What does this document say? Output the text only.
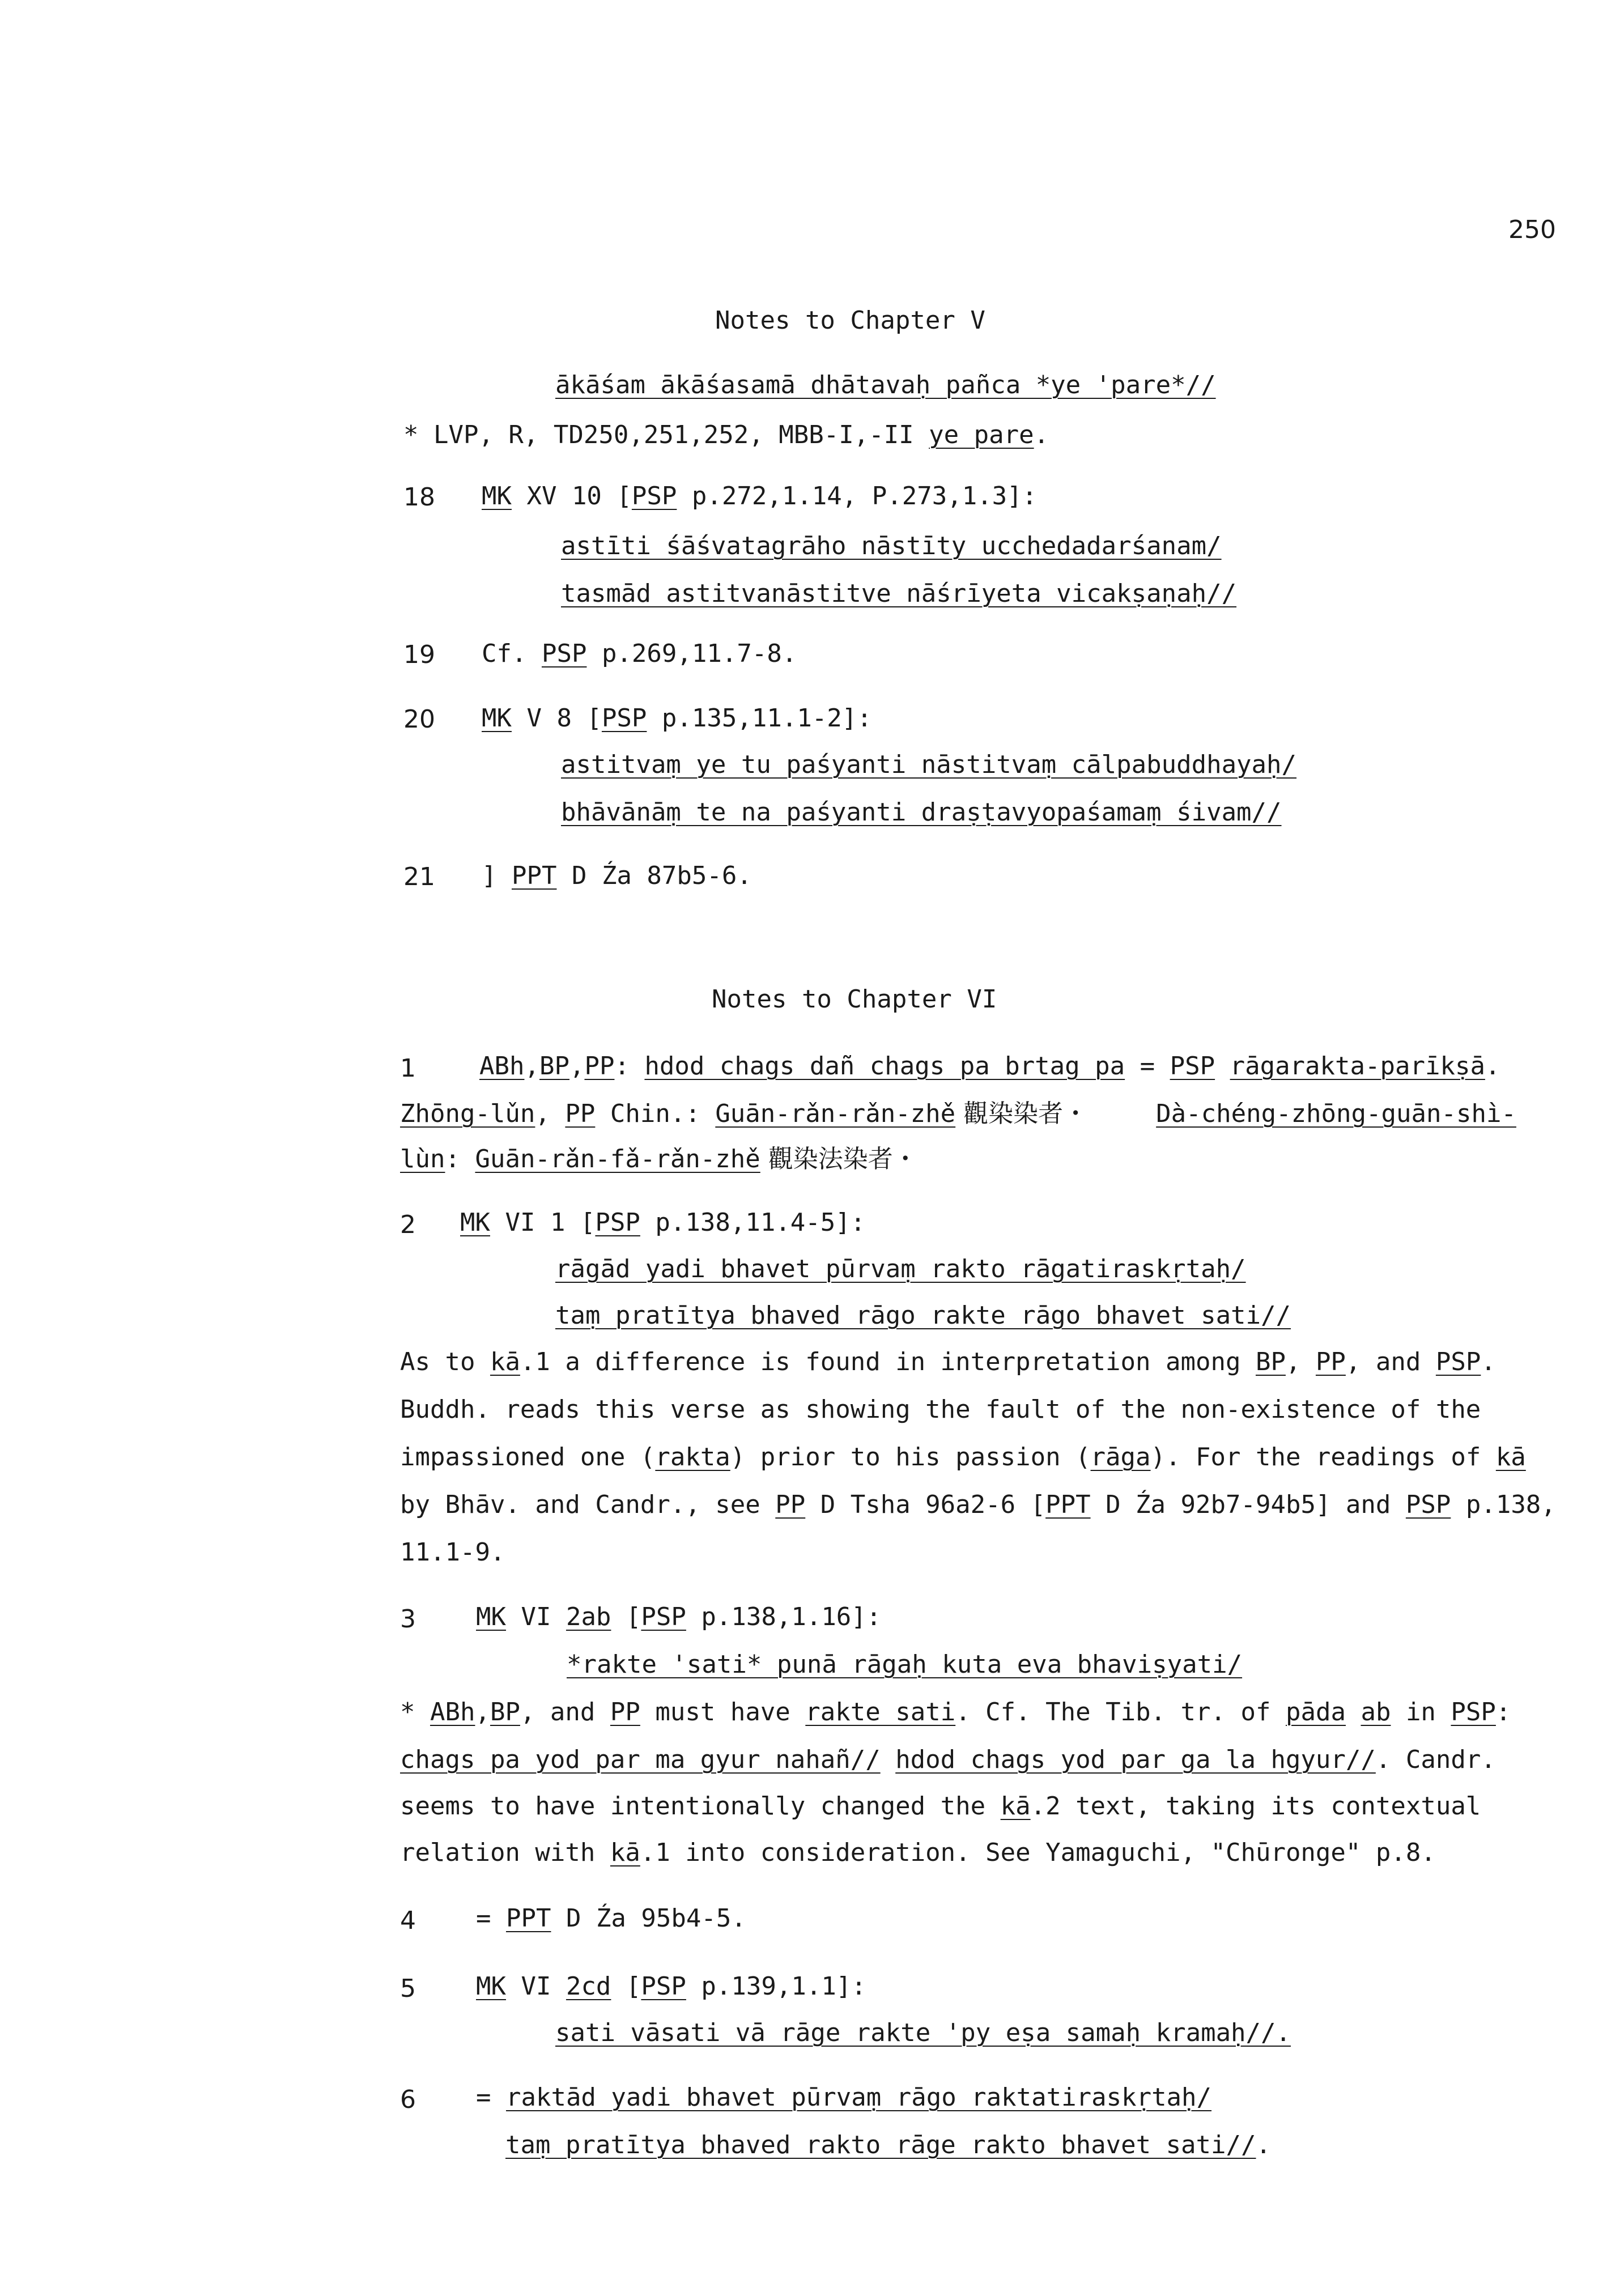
250
Notes to Chapter V
ākāśam ākāśasamā dhātavaḥ pañca *ye 'pare*//
* LVP, R, TD250,251,252, MBB-I,-II ye pare.
18 MK XV 10 [PSP p.272,1.14, P.273,1.3]:
astīti śāśvatagrāho nāstīty ucchedadarśanam/
tasmād astitvanāstitve nāśrīyeta vicakṣaṇaḥ//
19 Cf. PSP p.269,11.7-8.
20 MK V 8 [PSP p.135,11.1-2]:
astitvaṃ ye tu paśyanti nāstitvaṃ cālpabuddhayaḥ/
bhāvānāṃ te na paśyanti draṣṭavyopaśamaṃ śivam//
21 ] PPT D Źa 87b5-6.
Notes to Chapter VI
1	ABh,BP,PP: hdod chags dañ chags pa brtag pa = PSP rāgarakta-parīkṣā.
Zhōng-lǔn, PP Chin.: Guān-rǎn-rǎn-zhě 觀染染者・	Dà-chéng-zhōng-guān-shì-
lùn: Guān-rǎn-fǎ-rǎn-zhě 觀染法染者・
2 MK VI 1 [PSP p.138,11.4-5]:
rāgād yadi bhavet pūrvaṃ rakto rāgatiraskṛtaḥ/
taṃ pratītya bhaved rāgo rakte rāgo bhavet sati//
As to kā.1 a difference is found in interpretation among BP, PP, and PSP.
Buddh. reads this verse as showing the fault of the non-existence of the
impassioned one (rakta) prior to his passion (rāga). For the readings of kā
by Bhāv. and Candr., see PP D Tsha 96a2-6 [PPT D Źa 92b7-94b5] and PSP p.138,
11.1-9.
3 MK VI 2ab [PSP p.138,1.16]:
*rakte 'sati* punā rāgaḥ kuta eva bhaviṣyati/
* ABh,BP, and PP must have rakte sati. Cf. The Tib. tr. of pāda ab in PSP:
chags pa yod par ma gyur nahañ// hdod chags yod par ga la hgyur//. Candr.
seems to have intentionally changed the kā.2 text, taking its contextual
relation with kā.1 into consideration. See Yamaguchi, "Chūronge" p.8.
4 = PPT D Źa 95b4-5.
5 MK VI 2cd [PSP p.139,1.1]:
sati vāsati vā rāge rakte 'py eṣa samaḥ kramaḥ//.
6 = raktād yadi bhavet pūrvaṃ rāgo raktatiraskṛtaḥ/
taṃ pratītya bhaved rakto rāge rakto bhavet sati//.
